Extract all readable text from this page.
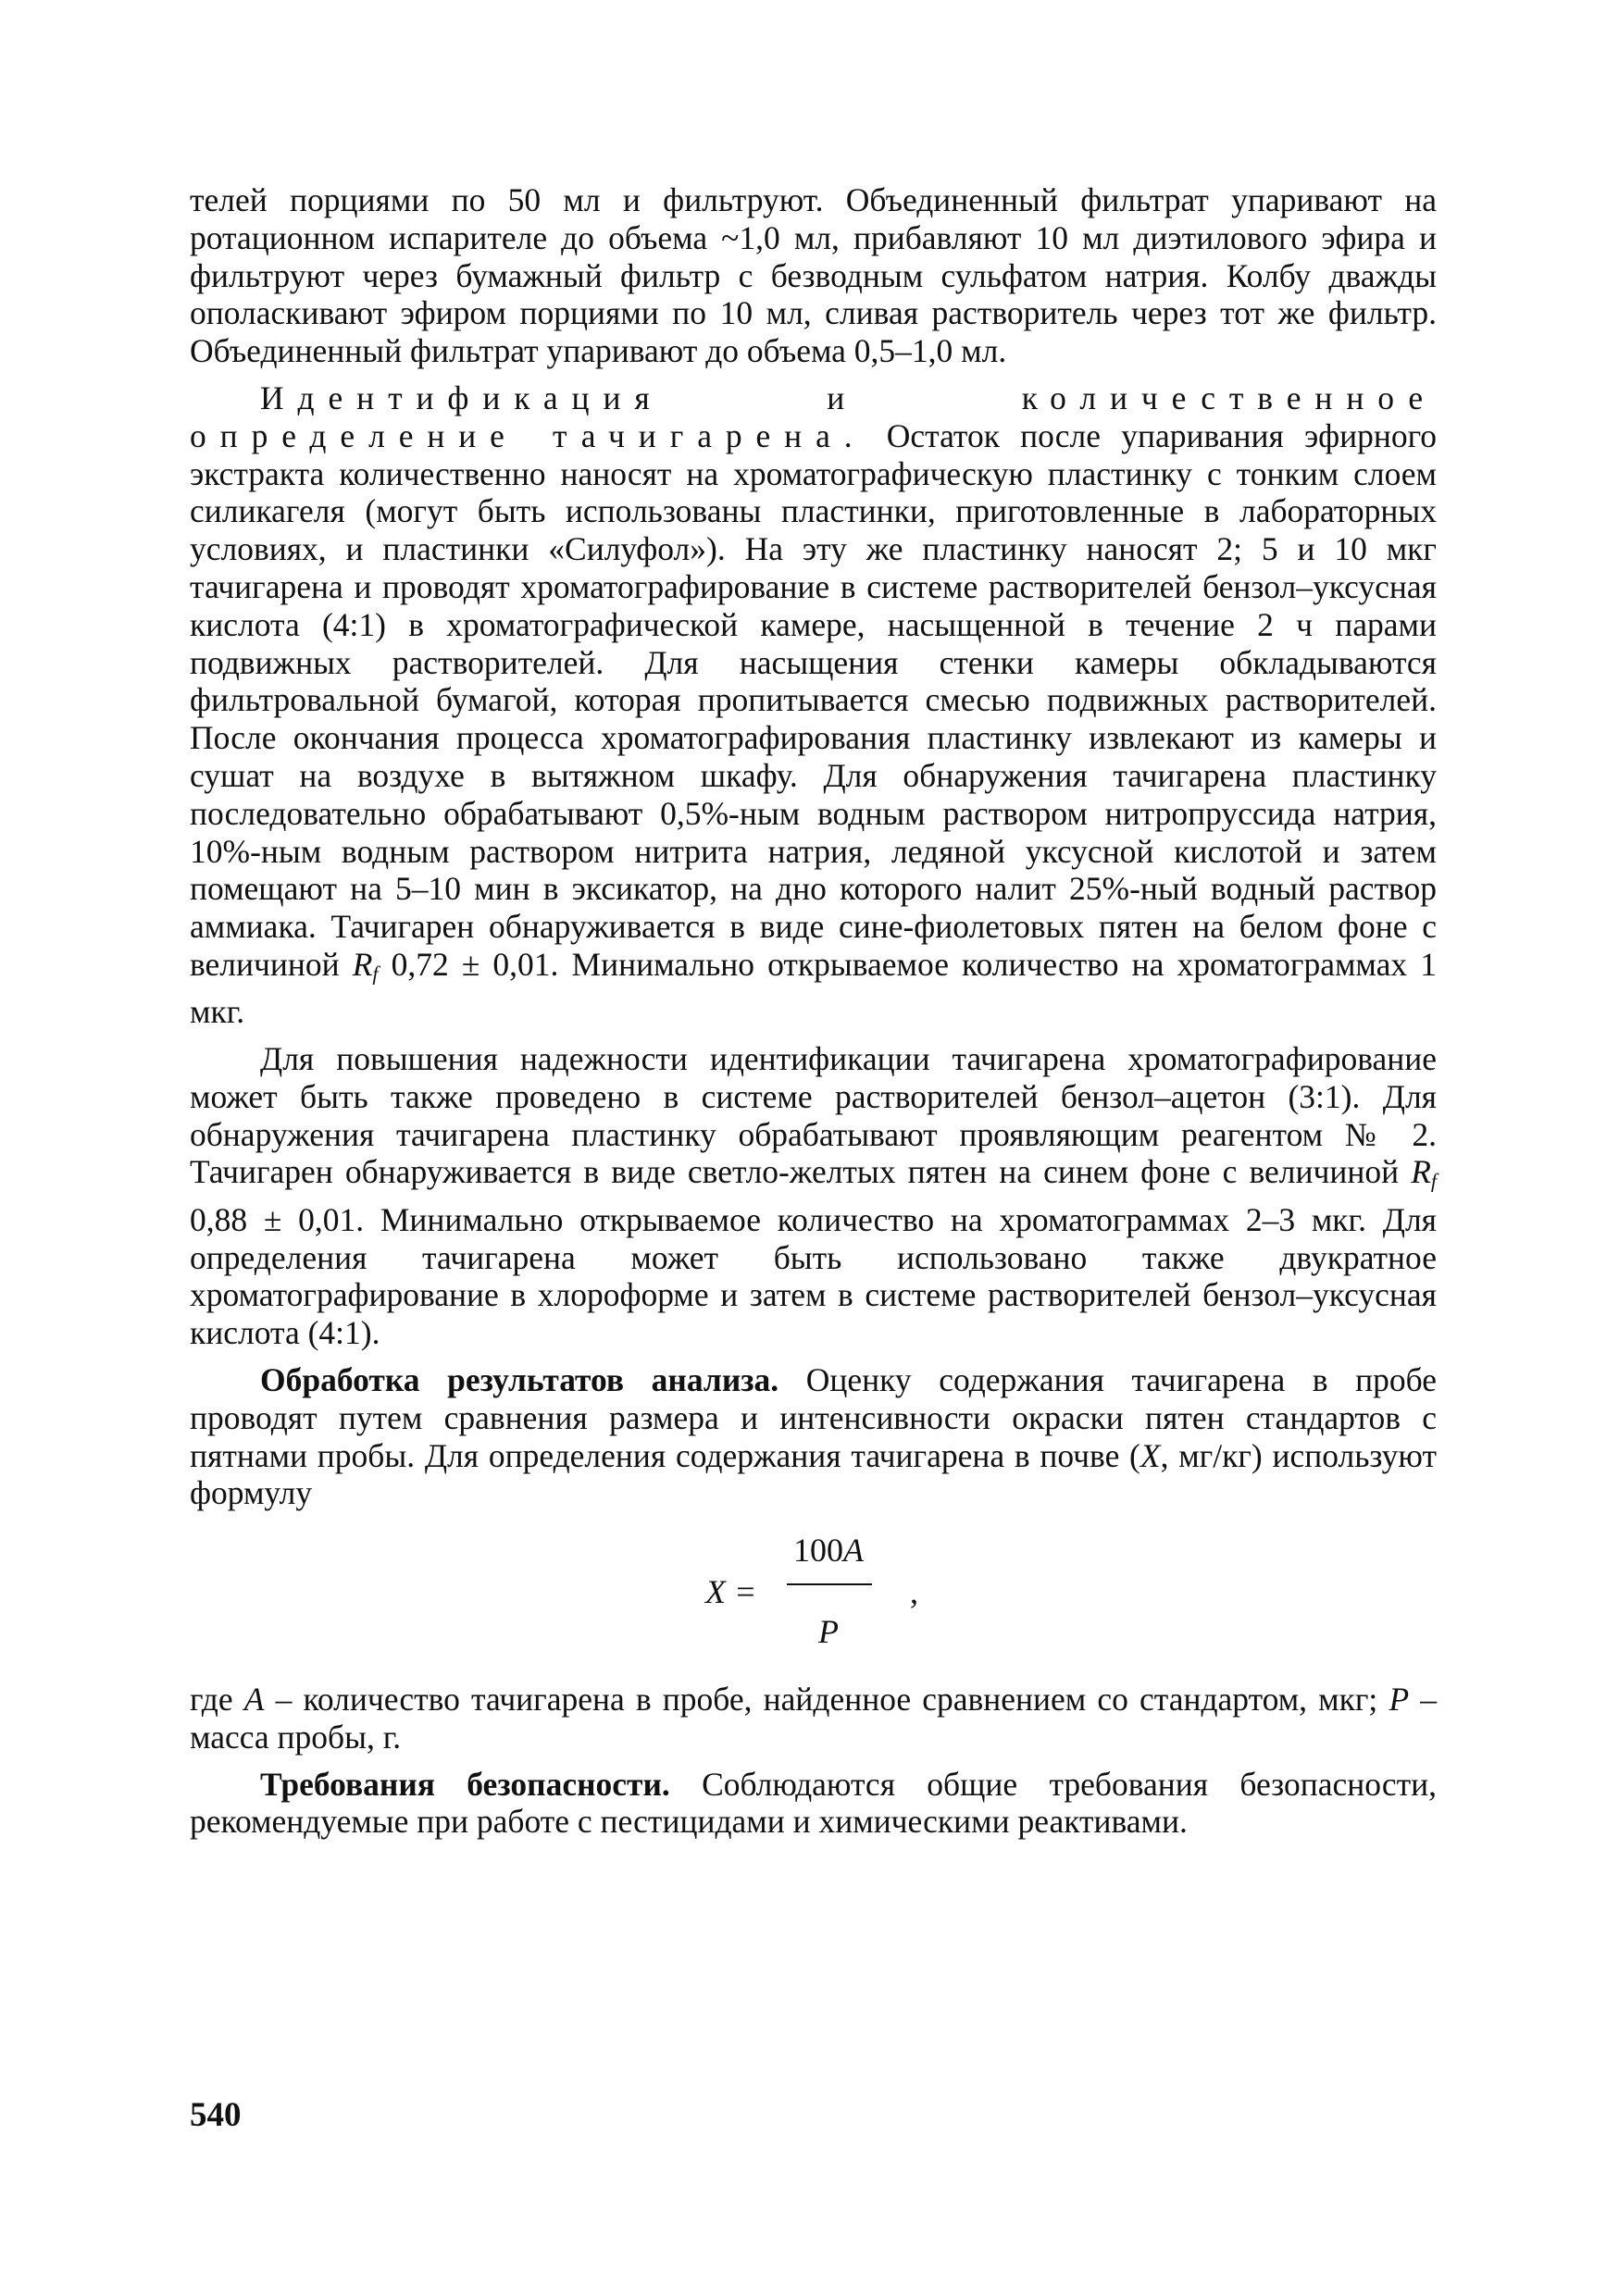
телей порциями по 50 мл и фильтруют. Объединенный фильтрат упаривают на ротационном испарителе до объема ~1,0 мл, прибавляют 10 мл диэтилового эфира и фильтруют через бумажный фильтр с безводным сульфатом натрия. Колбу дважды ополаскивают эфиром порциями по 10 мл, сливая растворитель через тот же фильтр. Объединенный фильтрат упаривают до объема 0,5–1,0 мл.

Идентификация и количественное определение тачигарена. Остаток после упаривания эфирного экстракта количественно наносят на хроматографическую пластинку с тонким слоем силикагеля (могут быть использованы пластинки, приготовленные в лабораторных условиях, и пластинки «Силуфол»). На эту же пластинку наносят 2; 5 и 10 мкг тачигарена и проводят хроматографирование в системе растворителей бензол–уксусная кислота (4:1) в хроматографической камере, насыщенной в течение 2 ч парами подвижных растворителей. Для насыщения стенки камеры обкладываются фильтровальной бумагой, которая пропитывается смесью подвижных растворителей. После окончания процесса хроматографирования пластинку извлекают из камеры и сушат на воздухе в вытяжном шкафу. Для обнаружения тачигарена пластинку последовательно обрабатывают 0,5%-ным водным раствором нитропруссида натрия, 10%-ным водным раствором нитрита натрия, ледяной уксусной кислотой и затем помещают на 5–10 мин в эксикатор, на дно которого налит 25%-ный водный раствор аммиака. Тачигарен обнаруживается в виде сине-фиолетовых пятен на белом фоне с величиной $R_f$ 0,72 ± 0,01. Минимально открываемое количество на хроматограммах 1 мкг.

Для повышения надежности идентификации тачигарена хроматографирование может быть также проведено в системе растворителей бензол–ацетон (3:1). Для обнаружения тачигарена пластинку обрабатывают проявляющим реагентом № 2. Тачигарен обнаруживается в виде светло-желтых пятен на синем фоне с величиной $R_f$ 0,88 ± 0,01. Минимально открываемое количество на хроматограммах 2–3 мкг. Для определения тачигарена может быть использовано также двукратное хроматографирование в хлороформе и затем в системе растворителей бензол–уксусная кислота (4:1).

Обработка результатов анализа. Оценку содержания тачигарена в пробе проводят путем сравнения размера и интенсивности окраски пятен стандартов с пятнами пробы. Для определения содержания тачигарена в почве (X, мг/кг) используют формулу

X =
100A
P
,

где A – количество тачигарена в пробе, найденное сравнением со стандартом, мкг; P – масса пробы, г.

Требования безопасности. Соблюдаются общие требования безопасности, рекомендуемые при работе с пестицидами и химическими реактивами.

540
